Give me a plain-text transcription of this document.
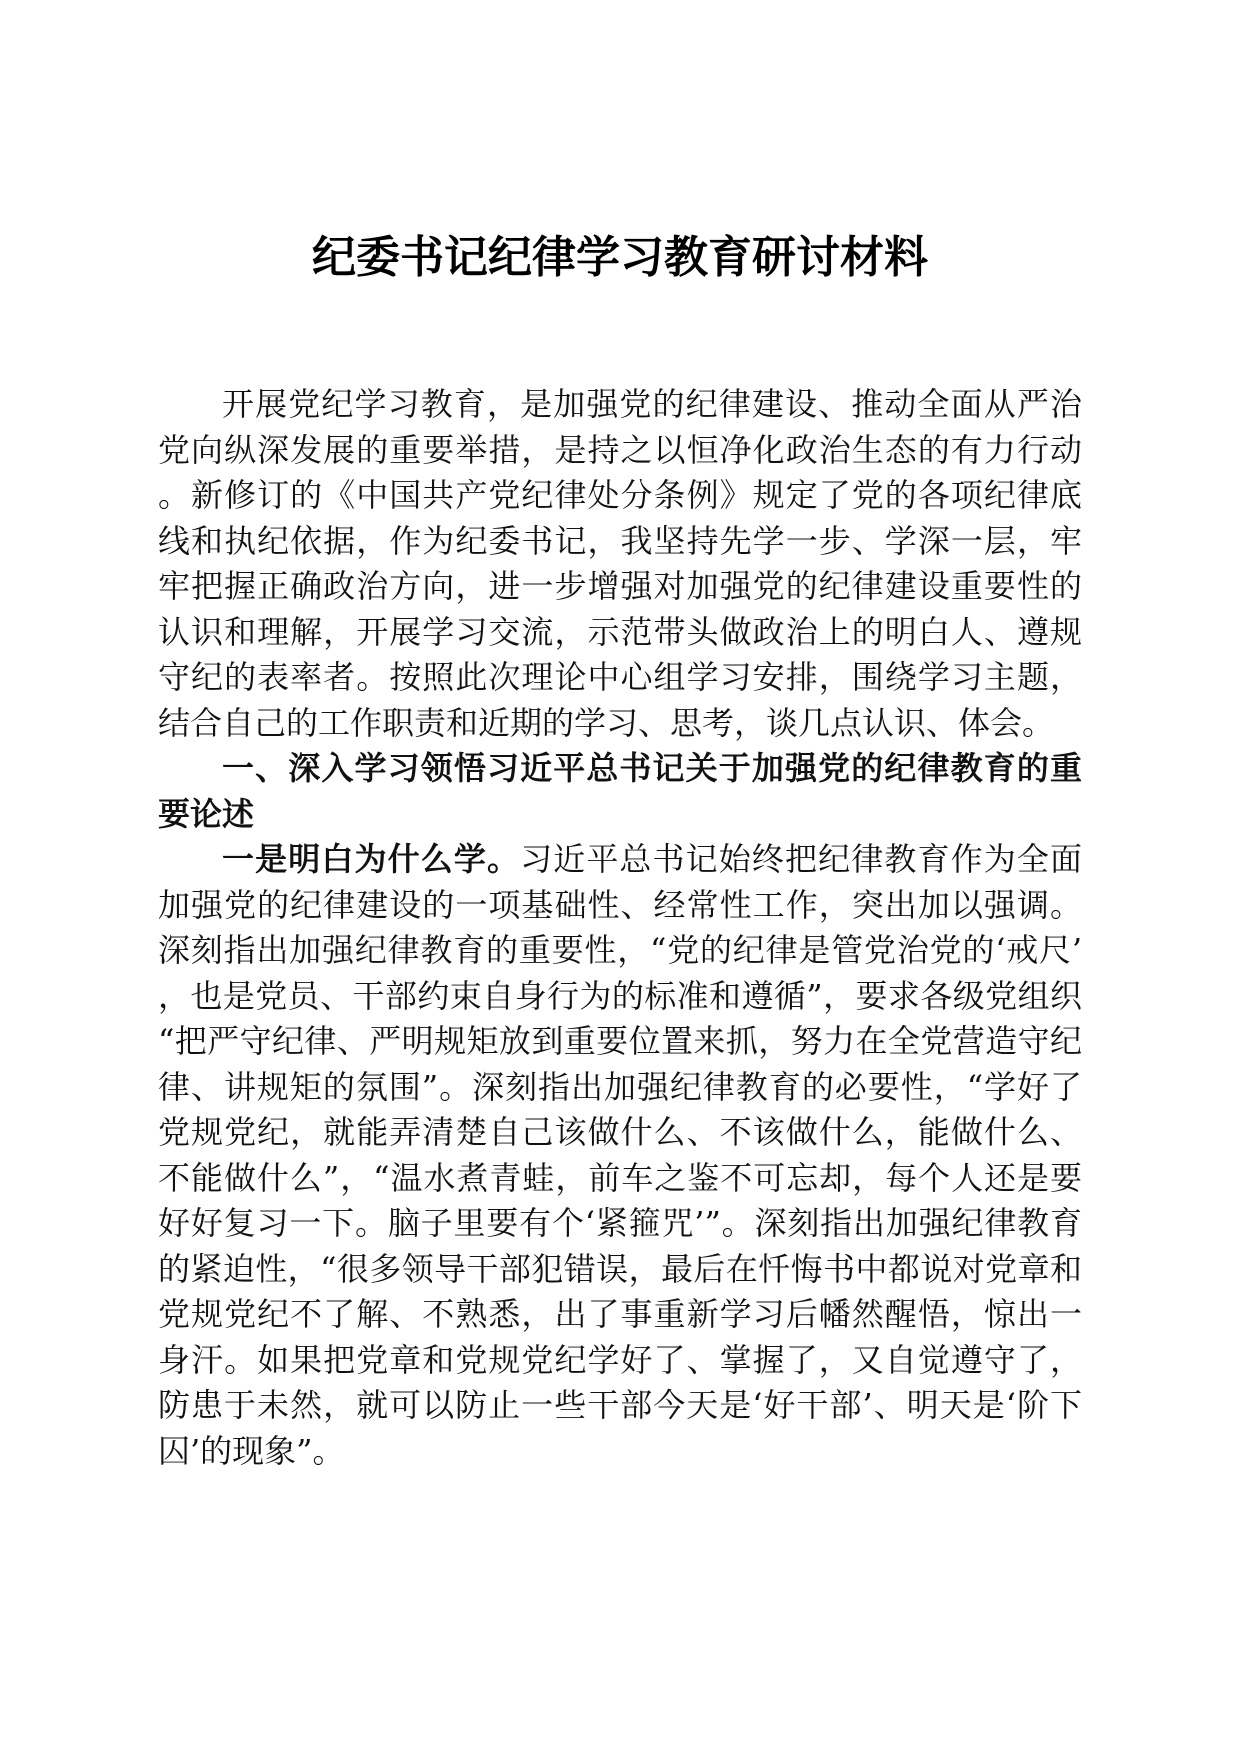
纪委书记纪律学习教育研讨材料

开展党纪学习教育，是加强党的纪律建设、推动全面从严治党向纵深发展的重要举措，是持之以恒净化政治生态的有力行动。新修订的《中国共产党纪律处分条例》规定了党的各项纪律底线和执纪依据，作为纪委书记，我坚持先学一步、学深一层，牢牢把握正确政治方向，进一步增强对加强党的纪律建设重要性的认识和理解，开展学习交流，示范带头做政治上的明白人、遵规守纪的表率者。按照此次理论中心组学习安排，围绕学习主题，结合自己的工作职责和近期的学习、思考，谈几点认识、体会。

一、深入学习领悟习近平总书记关于加强党的纪律教育的重要论述

一是明白为什么学。习近平总书记始终把纪律教育作为全面加强党的纪律建设的一项基础性、经常性工作，突出加以强调。深刻指出加强纪律教育的重要性，“党的纪律是管党治党的‘戒尺’，也是党员、干部约束自身行为的标准和遵循”，要求各级党组织“把严守纪律、严明规矩放到重要位置来抓，努力在全党营造守纪律、讲规矩的氛围”。深刻指出加强纪律教育的必要性，“学好了党规党纪，就能弄清楚自己该做什么、不该做什么，能做什么、不能做什么”，“温水煮青蛙，前车之鉴不可忘却，每个人还是要好好复习一下。脑子里要有个‘紧箍咒’”。深刻指出加强纪律教育的紧迫性，“很多领导干部犯错误，最后在忏悔书中都说对党章和党规党纪不了解、不熟悉，出了事重新学习后幡然醒悟，惊出一身汗。如果把党章和党规党纪学好了、掌握了，又自觉遵守了，防患于未然，就可以防止一些干部今天是‘好干部’、明天是‘阶下囚’的现象”。
